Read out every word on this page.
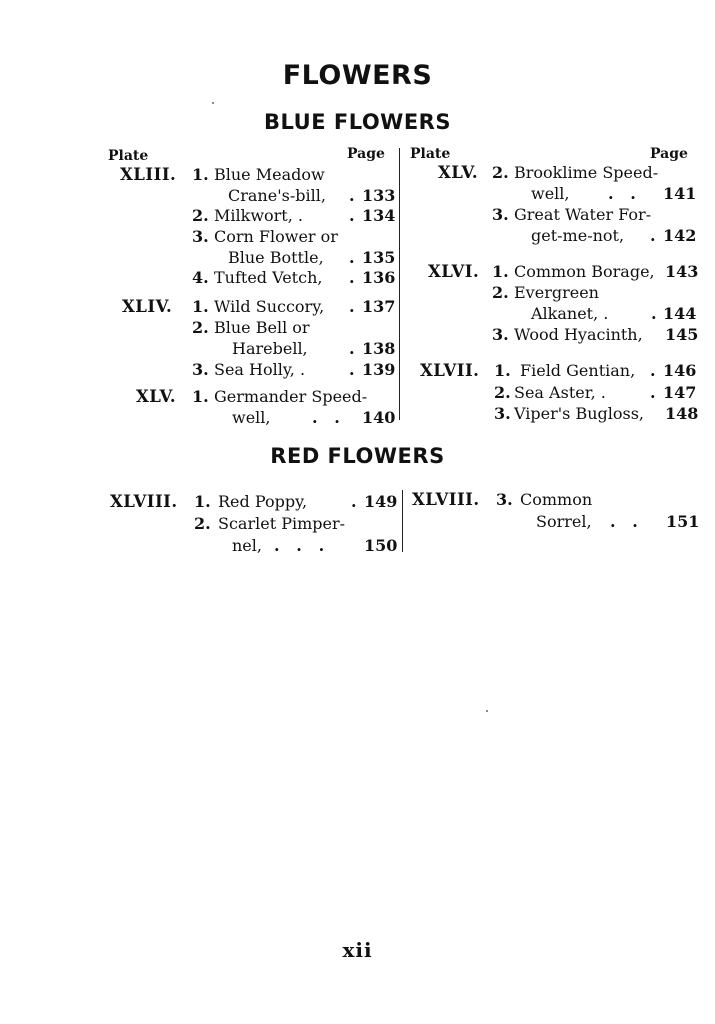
FLOWERS
BLUE FLOWERS
Plate	Page Plate	Page
XLIII. 1. Blue Meadow
Crane's-bill, . 133
2. Milkwort, .	. 134
3. Corn Flower or
Blue Bottle, . 135
4. Tufted Vetch, . 136
XLIV. 1. Wild Succory, . 137
2. Blue Bell or
Harebell,	. 138
3. Sea Holly, .	. 139
XLV. 1. Germander Speed-
well,	.   . 140
XLV. 2. Brooklime Speed-
well, .   . 141
3. Great Water For-
get-me-not, . 142
XLVI. 1. Common Borage, 143
2. Evergreen
Alkanet, .	. 144
3. Wood Hyacinth, 145
XLVII. 1. Field Gentian, . 146
2. Sea Aster, .	. 147
3. Viper's Bugloss, 148
RED FLOWERS
XLVIII. 1. Red Poppy,	. 149
2. Scarlet Pimper-
nel, .   .   . 150
XLVIII. 3. Common
Sorrel, .   . 151
xii
